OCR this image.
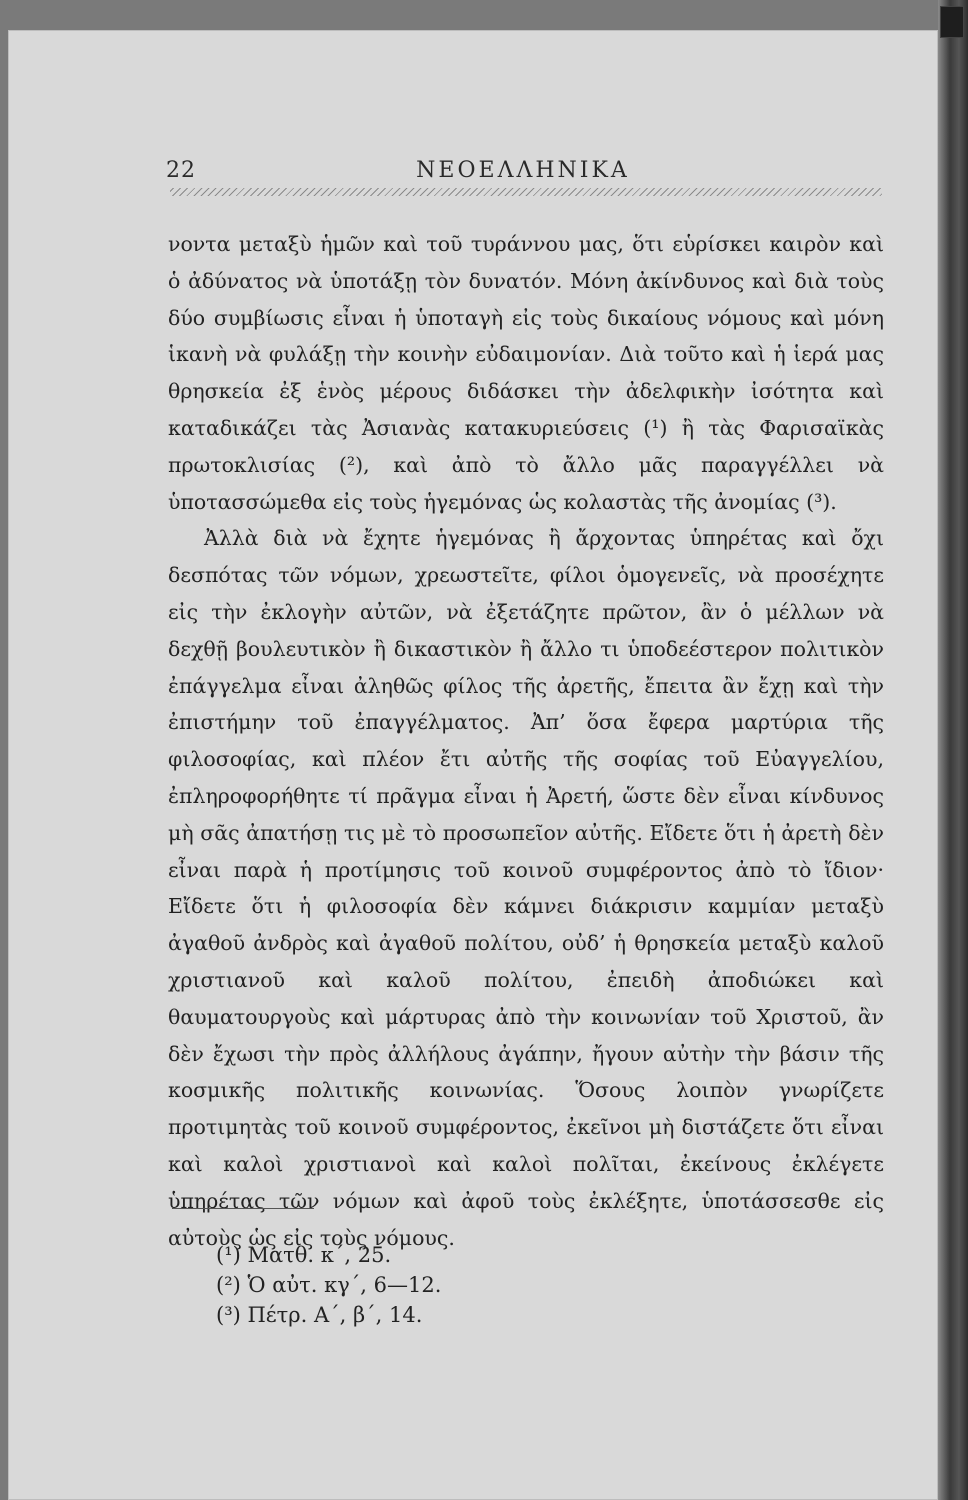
22	ΝΕΟΕΛΛΗΝΙΚΑ

νοντα μεταξὺ ἡμῶν καὶ τοῦ τυράννου μας, ὅτι εὑρίσκει καιρὸν καὶ ὁ ἀδύνατος νὰ ὑποτάξῃ τὸν δυνατόν. Μόνη ἀκίνδυνος καὶ διὰ τοὺς δύο συμβίωσις εἶναι ἡ ὑποταγὴ εἰς τοὺς δικαίους νόμους καὶ μόνη ἱκανὴ νὰ φυλάξῃ τὴν κοινὴν εὐδαιμονίαν. Διὰ τοῦτο καὶ ἡ ἱερά μας θρησκεία ἐξ ἑνὸς μέρους διδάσκει τὴν ἀδελφικὴν ἰσότητα καὶ καταδικάζει τὰς Ἀσιανὰς κατακυριεύσεις (¹) ἢ τὰς Φαρισαϊκὰς πρωτοκλισίας (²), καὶ ἀπὸ τὸ ἄλλο μᾶς παραγγέλλει νὰ ὑποτασσώμεθα εἰς τοὺς ἡγεμόνας ὡς κολαστὰς τῆς ἀνομίας (³).

Ἀλλὰ διὰ νὰ ἔχητε ἡγεμόνας ἢ ἄρχοντας ὑπηρέτας καὶ ὄχι δεσπότας τῶν νόμων, χρεωστεῖτε, φίλοι ὁμογενεῖς, νὰ προσέχητε εἰς τὴν ἐκλογὴν αὐτῶν, νὰ ἐξετάζητε πρῶτον, ἂν ὁ μέλλων νὰ δεχθῇ βουλευτικὸν ἢ δικαστικὸν ἢ ἄλλο τι ὑποδεέστερον πολιτικὸν ἐπάγγελμα εἶναι ἀληθῶς φίλος τῆς ἀρετῆς, ἔπειτα ἂν ἔχῃ καὶ τὴν ἐπιστήμην τοῦ ἐπαγγέλματος. Ἀπ’ ὅσα ἔφερα μαρτύρια τῆς φιλοσοφίας, καὶ πλέον ἔτι αὐτῆς τῆς σοφίας τοῦ Εὐαγγελίου, ἐπληροφορήθητε τί πρᾶγμα εἶναι ἡ Ἀρετή, ὥστε δὲν εἶναι κίνδυνος μὴ σᾶς ἀπατήσῃ τις μὲ τὸ προσωπεῖον αὐτῆς. Εἴδετε ὅτι ἡ ἀρετὴ δὲν εἶναι παρὰ ἡ προτίμησις τοῦ κοινοῦ συμφέροντος ἀπὸ τὸ ἴδιον· Εἴδετε ὅτι ἡ φιλοσοφία δὲν κάμνει διάκρισιν καμμίαν μεταξὺ ἀγαθοῦ ἀνδρὸς καὶ ἀγαθοῦ πολίτου, οὐδ’ ἡ θρησκεία μεταξὺ καλοῦ χριστιανοῦ καὶ καλοῦ πολίτου, ἐπειδὴ ἀποδιώκει καὶ θαυματουργοὺς καὶ μάρτυρας ἀπὸ τὴν κοινωνίαν τοῦ Χριστοῦ, ἂν δὲν ἔχωσι τὴν πρὸς ἀλλήλους ἀγάπην, ἤγουν αὐτὴν τὴν βάσιν τῆς κοσμικῆς πολιτικῆς κοινωνίας. Ὅσους λοιπὸν γνωρίζετε προτιμητὰς τοῦ κοινοῦ συμφέροντος, ἐκεῖνοι μὴ διστάζετε ὅτι εἶναι καὶ καλοὶ χριστιανοὶ καὶ καλοὶ πολῖται, ἐκείνους ἐκλέγετε ὑπηρέτας τῶν νόμων καὶ ἀφοῦ τοὺς ἐκλέξητε, ὑποτάσσεσθε εἰς αὐτοὺς ὡς εἰς τοὺς νόμους.

(¹) Ματθ. κ΄, 25.
(²) Ὁ αὐτ. κγ΄, 6—12.
(³) Πέτρ. Α΄, β΄, 14.
